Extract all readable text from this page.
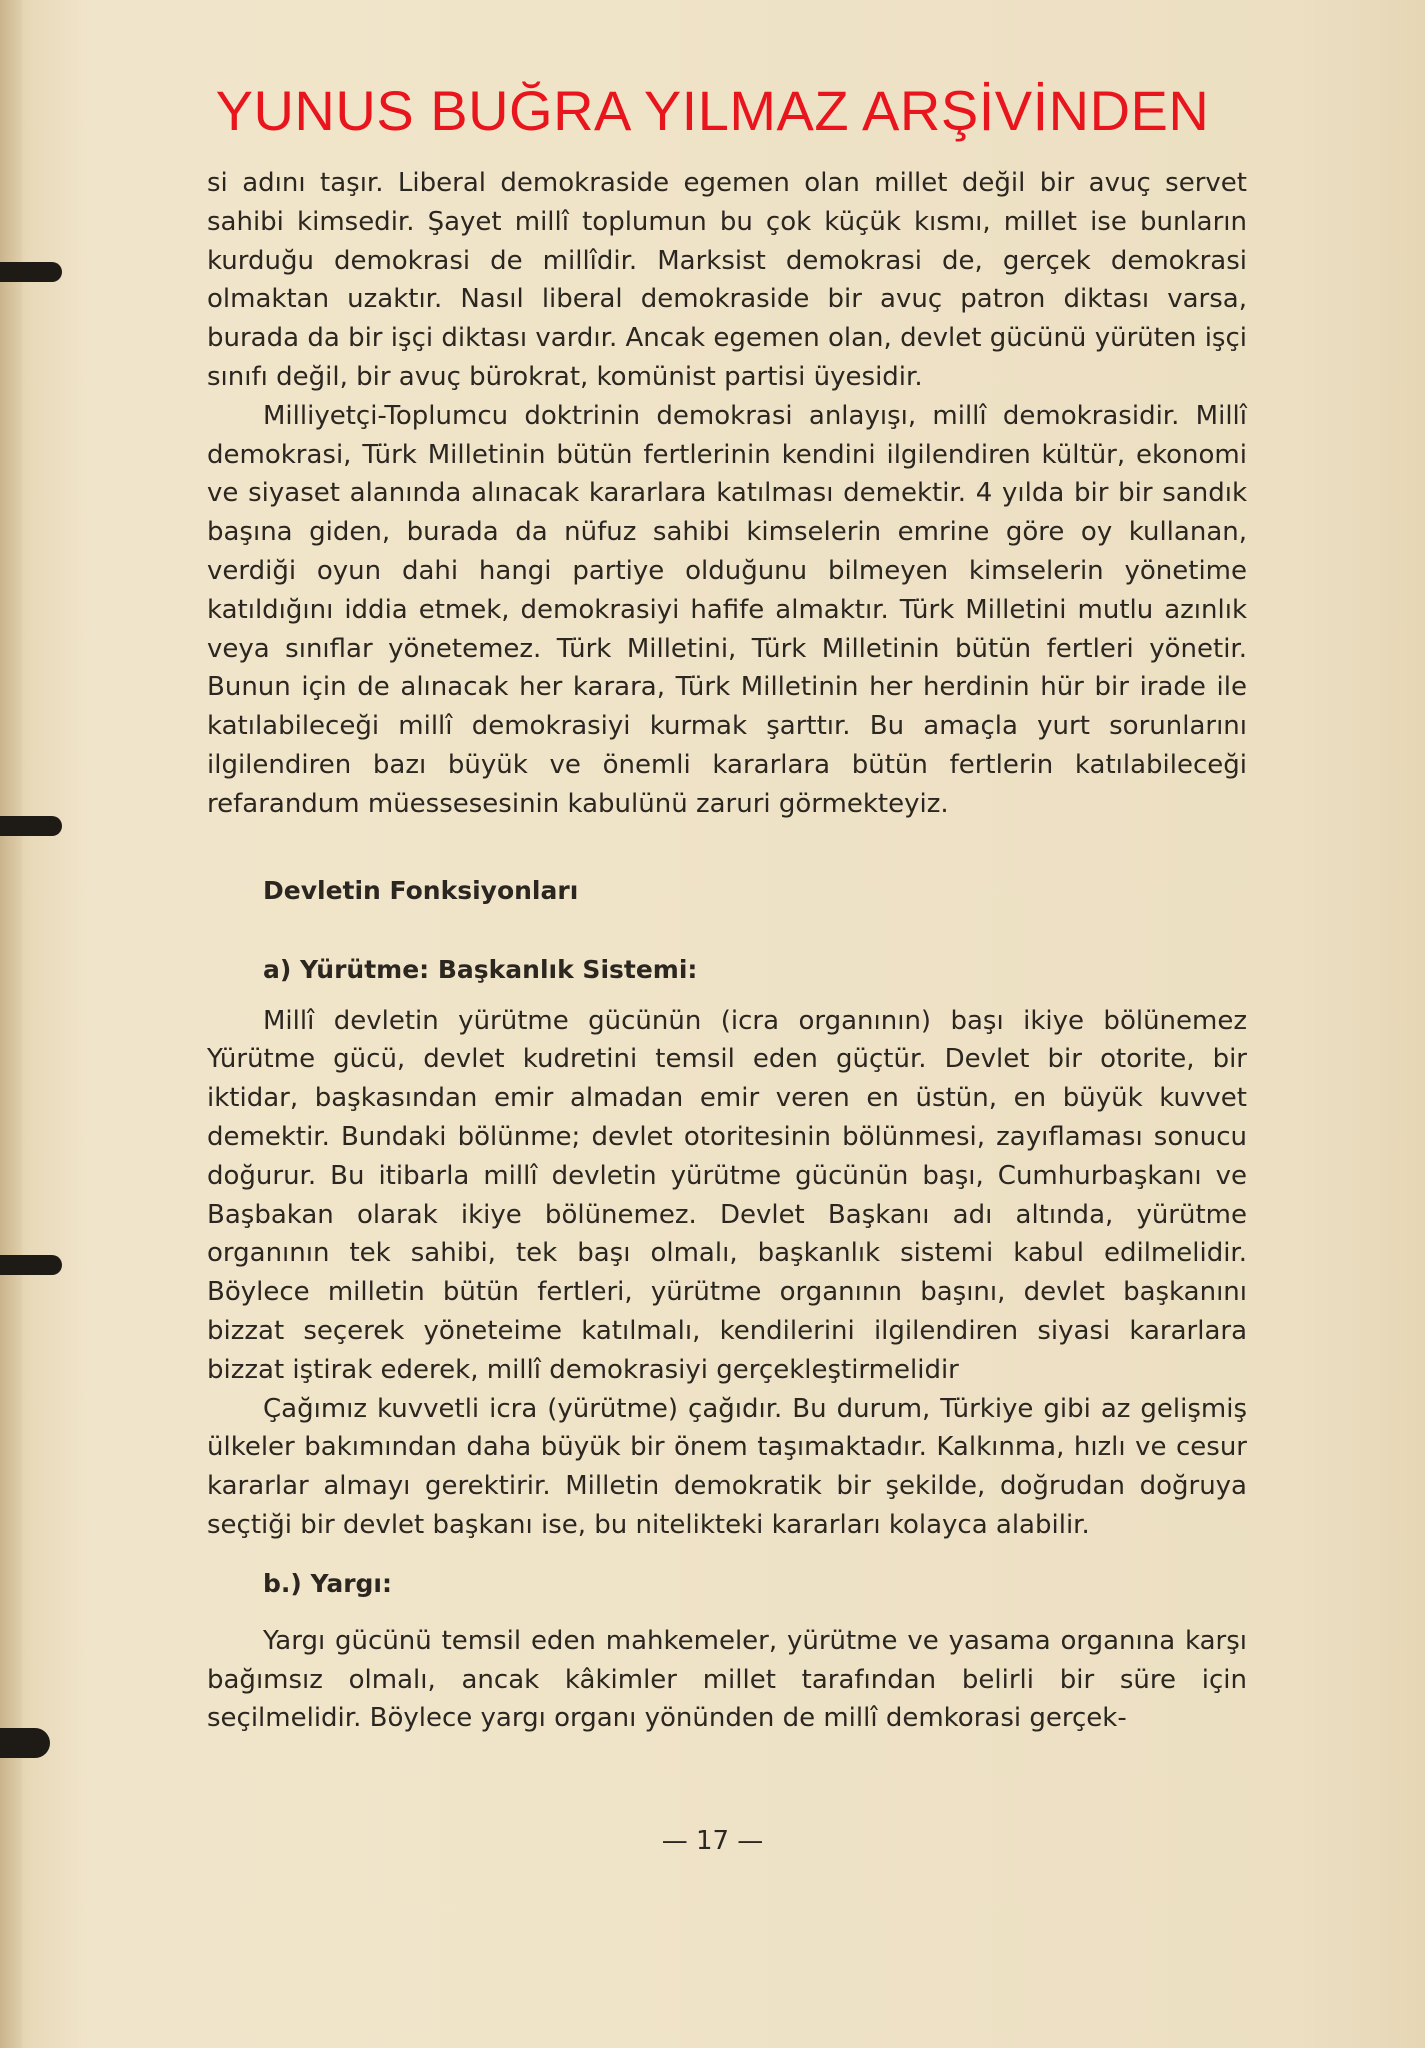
YUNUS BUĞRA YILMAZ ARŞİVİNDEN

si adını taşır. Liberal demokraside egemen olan millet değil bir avuç servet sahibi kimsedir. Şayet millî toplumun bu çok küçük kısmı, millet ise bunların kurduğu demokrasi de millîdir. Marksist demokrasi de, gerçek demokrasi olmaktan uzaktır. Nasıl liberal demokraside bir avuç patron diktası varsa, burada da bir işçi diktası vardır. Ancak egemen olan, devlet gücünü yürüten işçi sınıfı değil, bir avuç bürokrat, komünist partisi üyesidir.

Milliyetçi-Toplumcu doktrinin demokrasi anlayışı, millî demokrasidir. Millî demokrasi, Türk Milletinin bütün fertlerinin kendini ilgilendiren kültür, ekonomi ve siyaset alanında alınacak kararlara katılması demektir. 4 yılda bir bir sandık başına giden, burada da nüfuz sahibi kimselerin emrine göre oy kullanan, verdiği oyun dahi hangi partiye olduğunu bilmeyen kimselerin yönetime katıldığını iddia etmek, demokrasiyi hafife almaktır. Türk Milletini mutlu azınlık veya sınıflar yönetemez. Türk Milletini, Türk Milletinin bütün fertleri yönetir. Bunun için de alınacak her karara, Türk Milletinin her herdinin hür bir irade ile katılabileceği millî demokrasiyi kurmak şarttır. Bu amaçla yurt sorunlarını ilgilendiren bazı büyük ve önemli kararlara bütün fertlerin katılabileceği refarandum müessesesinin kabulünü zaruri görmekteyiz.

Devletin Fonksiyonları
a) Yürütme: Başkanlık Sistemi:

Millî devletin yürütme gücünün (icra organının) başı ikiye bölünemez Yürütme gücü, devlet kudretini temsil eden güçtür. Devlet bir otorite, bir iktidar, başkasından emir almadan emir veren en üstün, en büyük kuvvet demektir. Bundaki bölünme; devlet otoritesinin bölünmesi, zayıflaması sonucu doğurur. Bu itibarla millî devletin yürütme gücünün başı, Cumhurbaşkanı ve Başbakan olarak ikiye bölünemez. Devlet Başkanı adı altında, yürütme organının tek sahibi, tek başı olmalı, başkanlık sistemi kabul edilmelidir. Böylece milletin bütün fertleri, yürütme organının başını, devlet başkanını bizzat seçerek yöneteime katılmalı, kendilerini ilgilendiren siyasi kararlara bizzat iştirak ederek, millî demokrasiyi gerçekleştirmelidir

Çağımız kuvvetli icra (yürütme) çağıdır. Bu durum, Türkiye gibi az gelişmiş ülkeler bakımından daha büyük bir önem taşımaktadır. Kalkınma, hızlı ve cesur kararlar almayı gerektirir. Milletin demokratik bir şekilde, doğrudan doğruya seçtiği bir devlet başkanı ise, bu nitelikteki kararları kolayca alabilir.

b.) Yargı:

Yargı gücünü temsil eden mahkemeler, yürütme ve yasama organına karşı bağımsız olmalı, ancak kâkimler millet tarafından belirli bir süre için seçilmelidir. Böylece yargı organı yönünden de millî demkorasi gerçek-

— 17 —
